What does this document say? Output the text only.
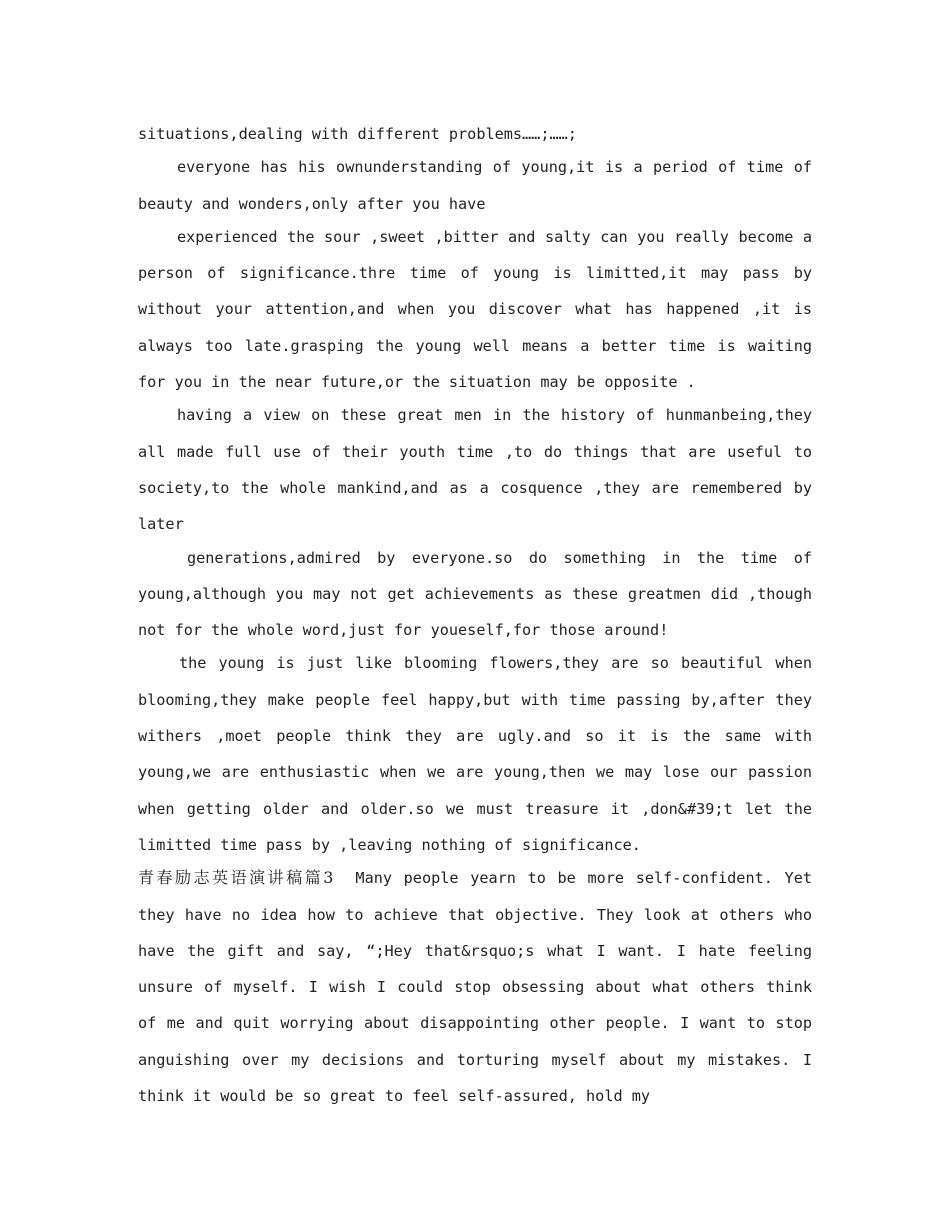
situations,dealing with different problems……;……;

everyone has his ownunderstanding of young,it is a period of time of beauty and wonders,only after you have

experienced the sour ,sweet ,bitter and salty can you really become a person of significance.thre time of young is limitted,it may pass by without your attention,and when you discover what has happened ,it is always too late.grasping the young well means a better time is waiting for you in the near future,or the situation may be opposite .

having a view on these great men in the history of hunmanbeing,they all made full use of their youth time ,to do things that are useful to society,to the whole mankind,and as a cosquence ,they are remembered by later

generations,admired by everyone.so do something in the time of young,although you may not get achievements as these greatmen did ,though not for the whole word,just for youeself,for those around!

the young is just like blooming flowers,they are so beautiful when blooming,they make people feel happy,but with time passing by,after they withers ,moet people think they are ugly.and so it is the same with young,we are enthusiastic when we are young,then we may lose our passion when getting older and older.so we must treasure it ,don&#39;t let the limitted time pass by ,leaving nothing of significance.

青春励志英语演讲稿篇3 Many people yearn to be more self-confident. Yet they have no idea how to achieve that objective. They look at others who have the gift and say, “;Hey that&rsquo;s what I want. I hate feeling unsure of myself. I wish I could stop obsessing about what others think of me and quit worrying about disappointing other people. I want to stop anguishing over my decisions and torturing myself about my mistakes. I think it would be so great to feel self-assured, hold my
